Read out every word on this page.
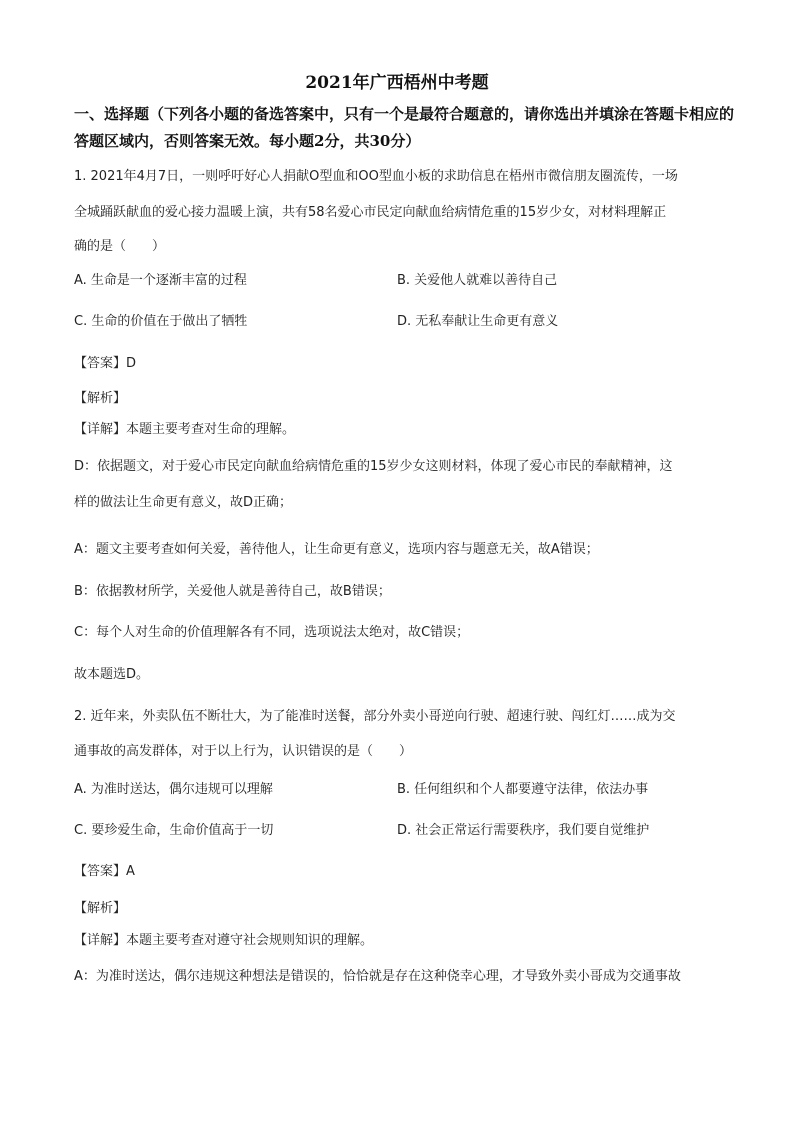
2021年广西梧州中考题
一、选择题（下列各小题的备选答案中，只有一个是最符合题意的，请你选出并填涂在答题卡相应的答题区域内，否则答案无效。每小题2分，共30分）
1. 2021年4月7日，一则呼吁好心人捐献O型血和OO型血小板的求助信息在梧州市微信朋友圈流传，一场
全城踊跃献血的爱心接力温暖上演，共有58名爱心市民定向献血给病情危重的15岁少女，对材料理解正
确的是（　　）
A. 生命是一个逐渐丰富的过程	B. 关爱他人就难以善待自己
C. 生命的价值在于做出了牺牲	D. 无私奉献让生命更有意义
【答案】D
【解析】
【详解】本题主要考查对生命的理解。
D：依据题文，对于爱心市民定向献血给病情危重的15岁少女这则材料，体现了爱心市民的奉献精神，这
样的做法让生命更有意义，故D正确；
A：题文主要考查如何关爱，善待他人，让生命更有意义，选项内容与题意无关，故A错误；
B：依据教材所学，关爱他人就是善待自己，故B错误；
C：每个人对生命的价值理解各有不同，选项说法太绝对，故C错误；
故本题选D。
2. 近年来，外卖队伍不断壮大，为了能准时送餐，部分外卖小哥逆向行驶、超速行驶、闯红灯……成为交
通事故的高发群体，对于以上行为，认识错误的是（　　）
A. 为准时送达，偶尔违规可以理解	B. 任何组织和个人都要遵守法律，依法办事
C. 要珍爱生命，生命价值高于一切	D. 社会正常运行需要秩序，我们要自觉维护
【答案】A
【解析】
【详解】本题主要考查对遵守社会规则知识的理解。
A：为准时送达，偶尔违规这种想法是错误的，恰恰就是存在这种侥幸心理，才导致外卖小哥成为交通事故
